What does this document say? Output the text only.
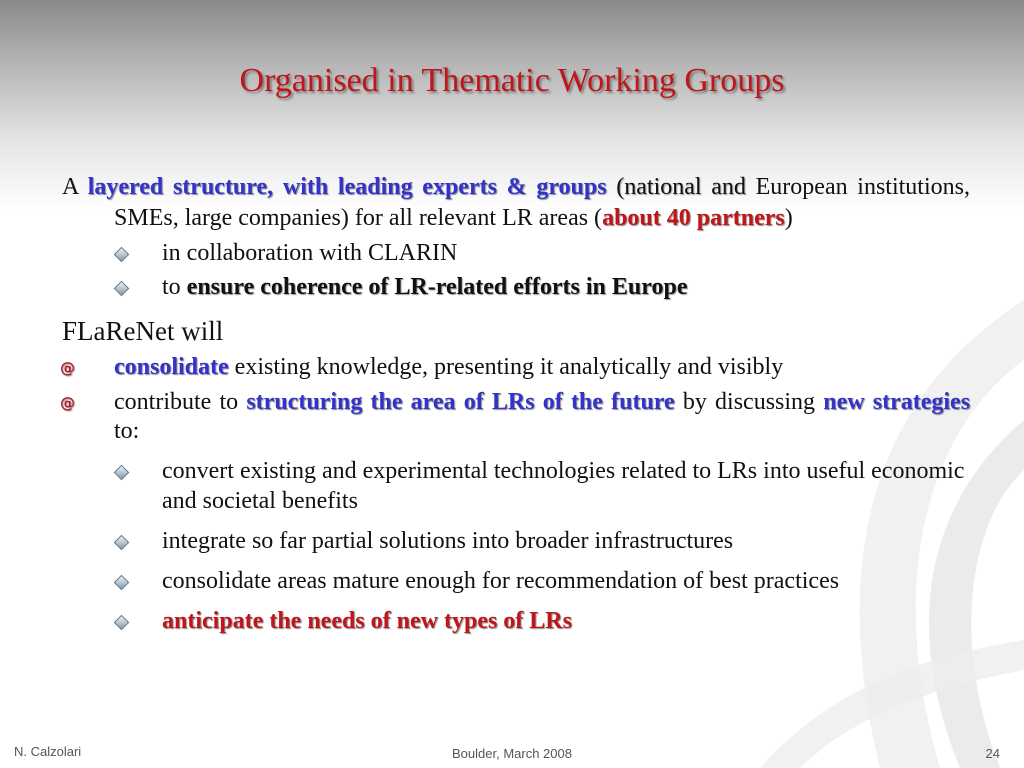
Organised in Thematic Working Groups

A layered structure, with leading experts & groups (national and European institutions, SMEs, large companies) for all relevant LR areas (about 40 partners)

in collaboration with CLARIN
to ensure coherence of LR-related efforts in Europe

FLaReNet will

@ consolidate existing knowledge, presenting it analytically and visibly
@ contribute to structuring the area of LRs of the future by discussing new strategies to:
convert existing and experimental technologies related to LRs into useful economic and societal benefits
integrate so far partial solutions into broader infrastructures
consolidate areas mature enough for recommendation of best practices
anticipate the needs of new types of LRs
N. Calzolari	Boulder, March 2008	24
